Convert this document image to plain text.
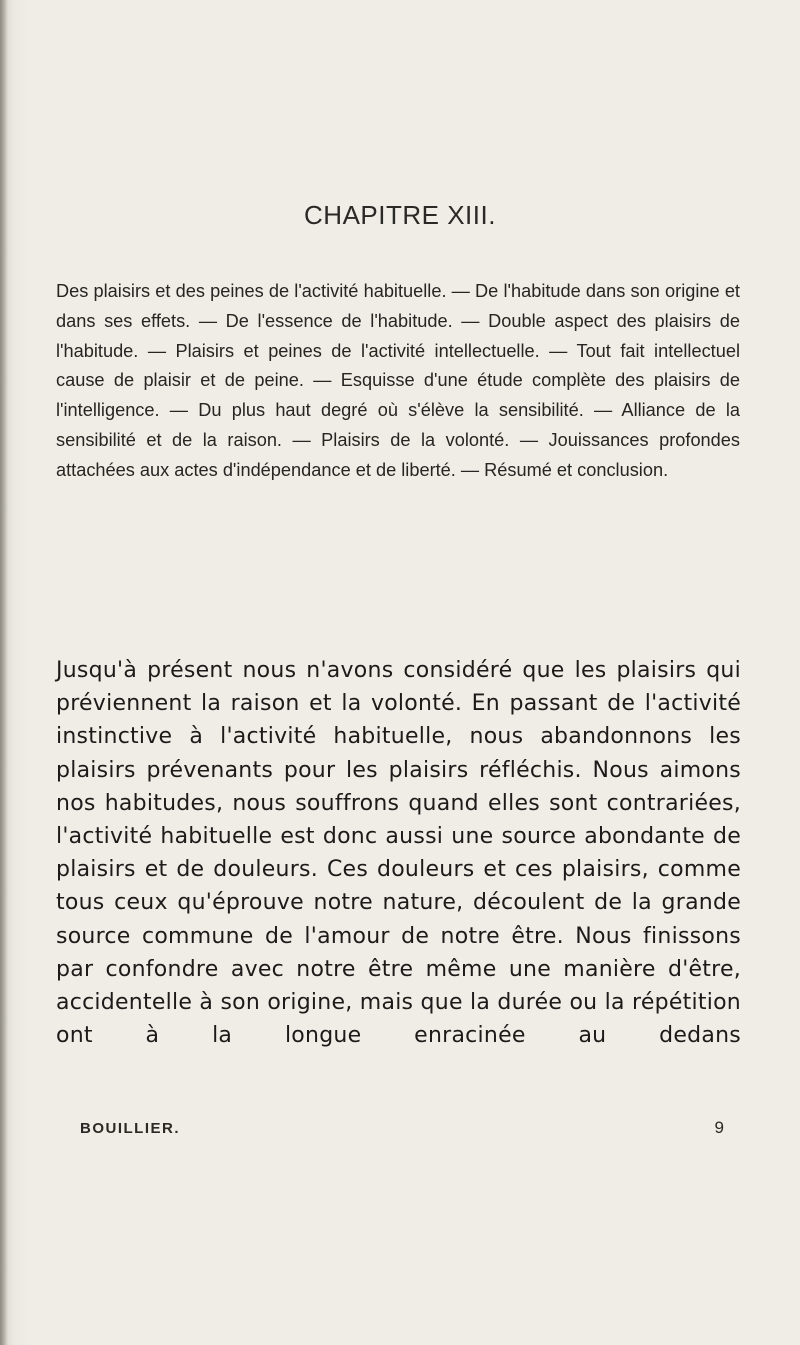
CHAPITRE XIII.
Des plaisirs et des peines de l'activité habituelle. — De l'habitude dans son origine et dans ses effets. — De l'essence de l'habitude. — Double aspect des plaisirs de l'habitude. — Plaisirs et peines de l'activité intellectuelle. — Tout fait intellectuel cause de plaisir et de peine. — Esquisse d'une étude complète des plaisirs de l'intelligence. — Du plus haut degré où s'élève la sensibilité. — Alliance de la sensibilité et de la raison. — Plaisirs de la volonté. — Jouissances profondes attachées aux actes d'indépendance et de liberté. — Résumé et conclusion.
Jusqu'à présent nous n'avons considéré que les plaisirs qui préviennent la raison et la volonté. En passant de l'activité instinctive à l'activité habituelle, nous abandonnons les plaisirs prévenants pour les plaisirs réfléchis. Nous aimons nos habitudes, nous souffrons quand elles sont contrariées, l'activité habituelle est donc aussi une source abondante de plaisirs et de douleurs. Ces douleurs et ces plaisirs, comme tous ceux qu'éprouve notre nature, découlent de la grande source commune de l'amour de notre être. Nous finissons par confondre avec notre être même une manière d'être, accidentelle à son origine, mais que la durée ou la répétition ont à la longue enracinée au dedans
BOUILLIER.	9
